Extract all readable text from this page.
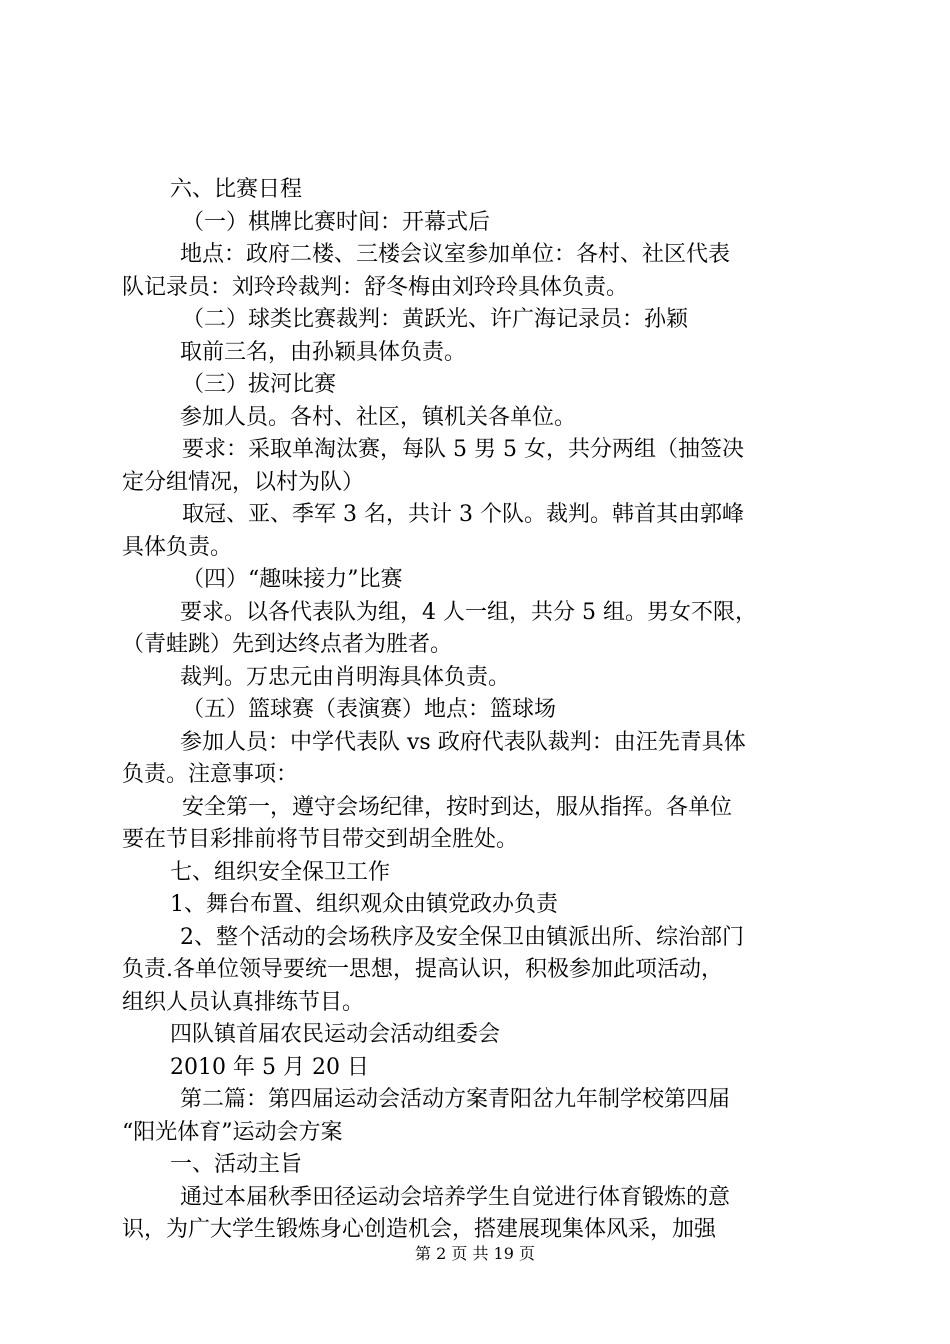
六、比赛日程
（一）棋牌比赛时间：开幕式后
地点：政府二楼、三楼会议室参加单位：各村、社区代表
队记录员：刘玲玲裁判：舒冬梅由刘玲玲具体负责。
（二）球类比赛裁判：黄跃光、许广海记录员：孙颖
取前三名，由孙颖具体负责。
（三）拔河比赛
参加人员。各村、社区，镇机关各单位。
要求：采取单淘汰赛，每队 5 男 5 女，共分两组（抽签决
定分组情况，以村为队）
取冠、亚、季军 3 名，共计 3 个队。裁判。韩首其由郭峰
具体负责。
（四）“趣味接力”比赛
要求。以各代表队为组，4 人一组，共分 5 组。男女不限，
（青蛙跳）先到达终点者为胜者。
裁判。万忠元由肖明海具体负责。
（五）篮球赛（表演赛）地点：篮球场
参加人员：中学代表队 vs 政府代表队裁判：由汪先青具体
负责。注意事项：
安全第一，遵守会场纪律，按时到达，服从指挥。各单位
要在节目彩排前将节目带交到胡全胜处。
七、组织安全保卫工作
1、舞台布置、组织观众由镇党政办负责
2、整个活动的会场秩序及安全保卫由镇派出所、综治部门
负责.各单位领导要统一思想，提高认识，积极参加此项活动，
组织人员认真排练节目。
四队镇首届农民运动会活动组委会
2010 年 5 月 20 日
第二篇：第四届运动会活动方案青阳岔九年制学校第四届
“阳光体育”运动会方案
一、活动主旨
通过本届秋季田径运动会培养学生自觉进行体育锻炼的意
识，为广大学生锻炼身心创造机会，搭建展现集体风采，加强
第 2 页 共 19 页
